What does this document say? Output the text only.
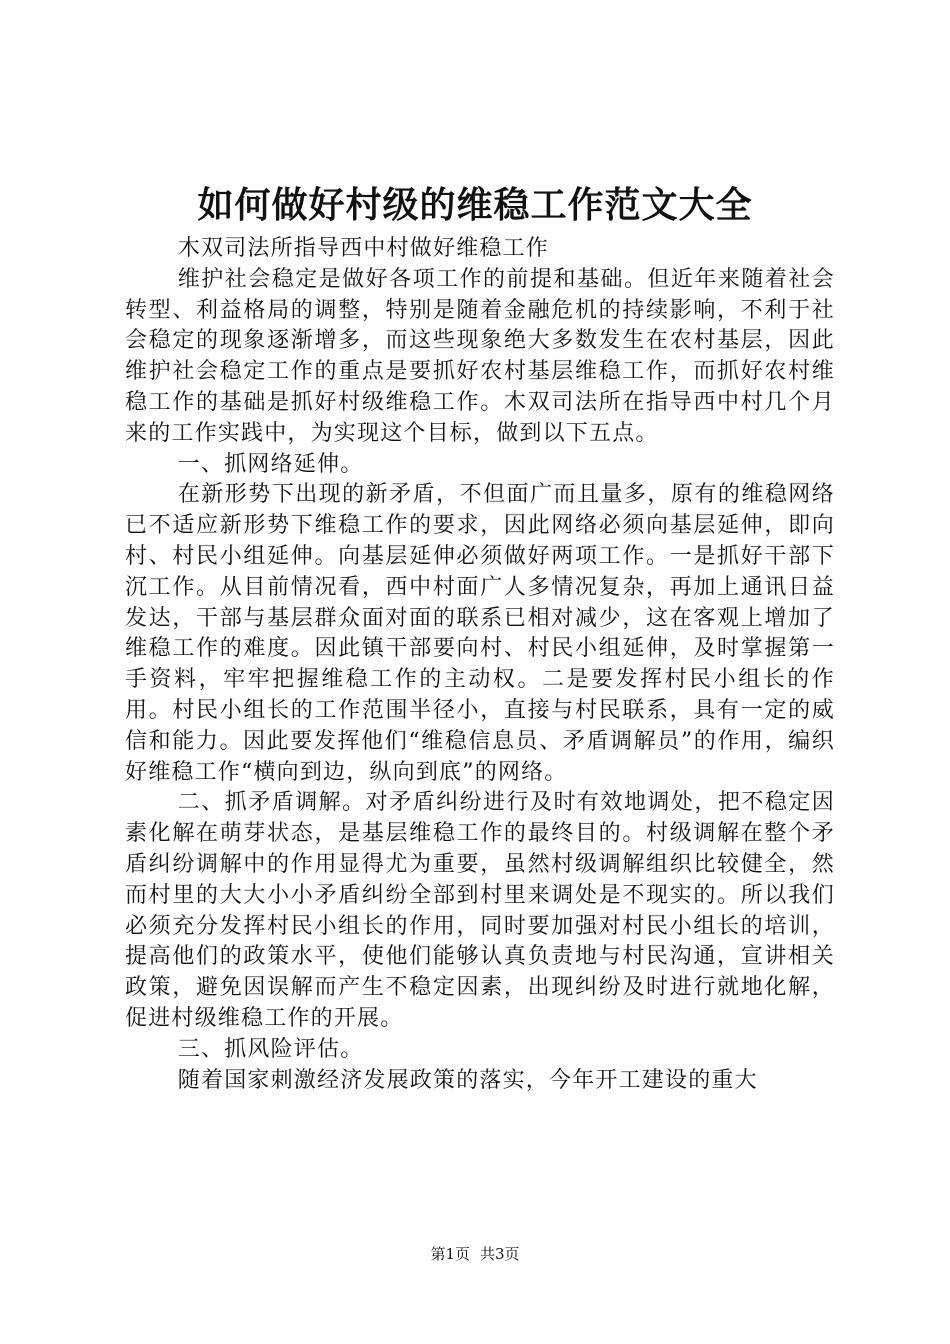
如何做好村级的维稳工作范文大全

木双司法所指导西中村做好维稳工作

维护社会稳定是做好各项工作的前提和基础。但近年来随着社会转型、利益格局的调整，特别是随着金融危机的持续影响，不利于社会稳定的现象逐渐增多，而这些现象绝大多数发生在农村基层，因此维护社会稳定工作的重点是要抓好农村基层维稳工作，而抓好农村维稳工作的基础是抓好村级维稳工作。木双司法所在指导西中村几个月来的工作实践中，为实现这个目标，做到以下五点。

一、抓网络延伸。

在新形势下出现的新矛盾，不但面广而且量多，原有的维稳网络已不适应新形势下维稳工作的要求，因此网络必须向基层延伸，即向村、村民小组延伸。向基层延伸必须做好两项工作。一是抓好干部下沉工作。从目前情况看，西中村面广人多情况复杂，再加上通讯日益发达，干部与基层群众面对面的联系已相对减少，这在客观上增加了维稳工作的难度。因此镇干部要向村、村民小组延伸，及时掌握第一手资料，牢牢把握维稳工作的主动权。二是要发挥村民小组长的作用。村民小组长的工作范围半径小，直接与村民联系，具有一定的威信和能力。因此要发挥他们“维稳信息员、矛盾调解员”的作用，编织好维稳工作“横向到边，纵向到底”的网络。

二、抓矛盾调解。对矛盾纠纷进行及时有效地调处，把不稳定因素化解在萌芽状态，是基层维稳工作的最终目的。村级调解在整个矛盾纠纷调解中的作用显得尤为重要，虽然村级调解组织比较健全，然而村里的大大小小矛盾纠纷全部到村里来调处是不现实的。所以我们必须充分发挥村民小组长的作用，同时要加强对村民小组长的培训，提高他们的政策水平，使他们能够认真负责地与村民沟通，宣讲相关政策，避免因误解而产生不稳定因素，出现纠纷及时进行就地化解，促进村级维稳工作的开展。

三、抓风险评估。

随着国家刺激经济发展政策的落实，今年开工建设的重大

第1页 共3页
